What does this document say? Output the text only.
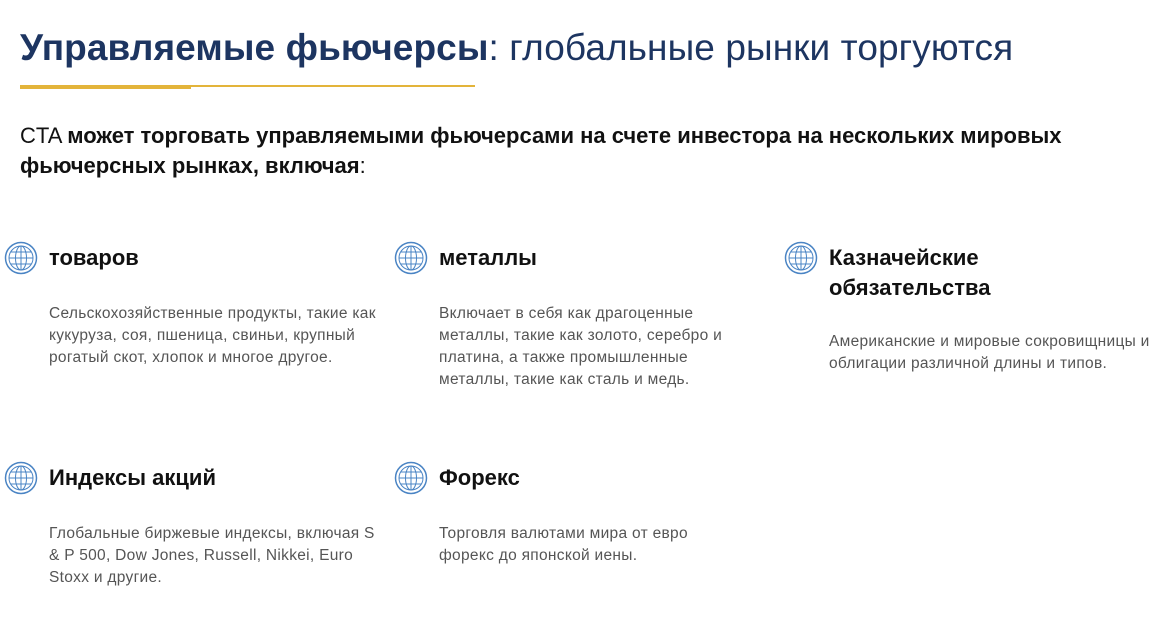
Управляемые фьючерсы: глобальные рынки торгуются

CTA может торговать управляемыми фьючерсами на счете инвестора на нескольких мировых фьючерсных рынках, включая:

товаров

Сельскохозяйственные продукты, такие как кукуруза, соя, пшеница, свиньи, крупный рогатый скот, хлопок и многое другое.

металлы

Включает в себя как драгоценные металлы, такие как золото, серебро и платина, а также промышленные металлы, такие как сталь и медь.

Казначейские обязательства

Американские и мировые сокровищницы и облигации различной длины и типов.

Индексы акций

Глобальные биржевые индексы, включая S & P 500, Dow Jones, Russell, Nikkei, Euro Stoxx и другие.

Форекс

Торговля валютами мира от евро форекс до японской иены.
